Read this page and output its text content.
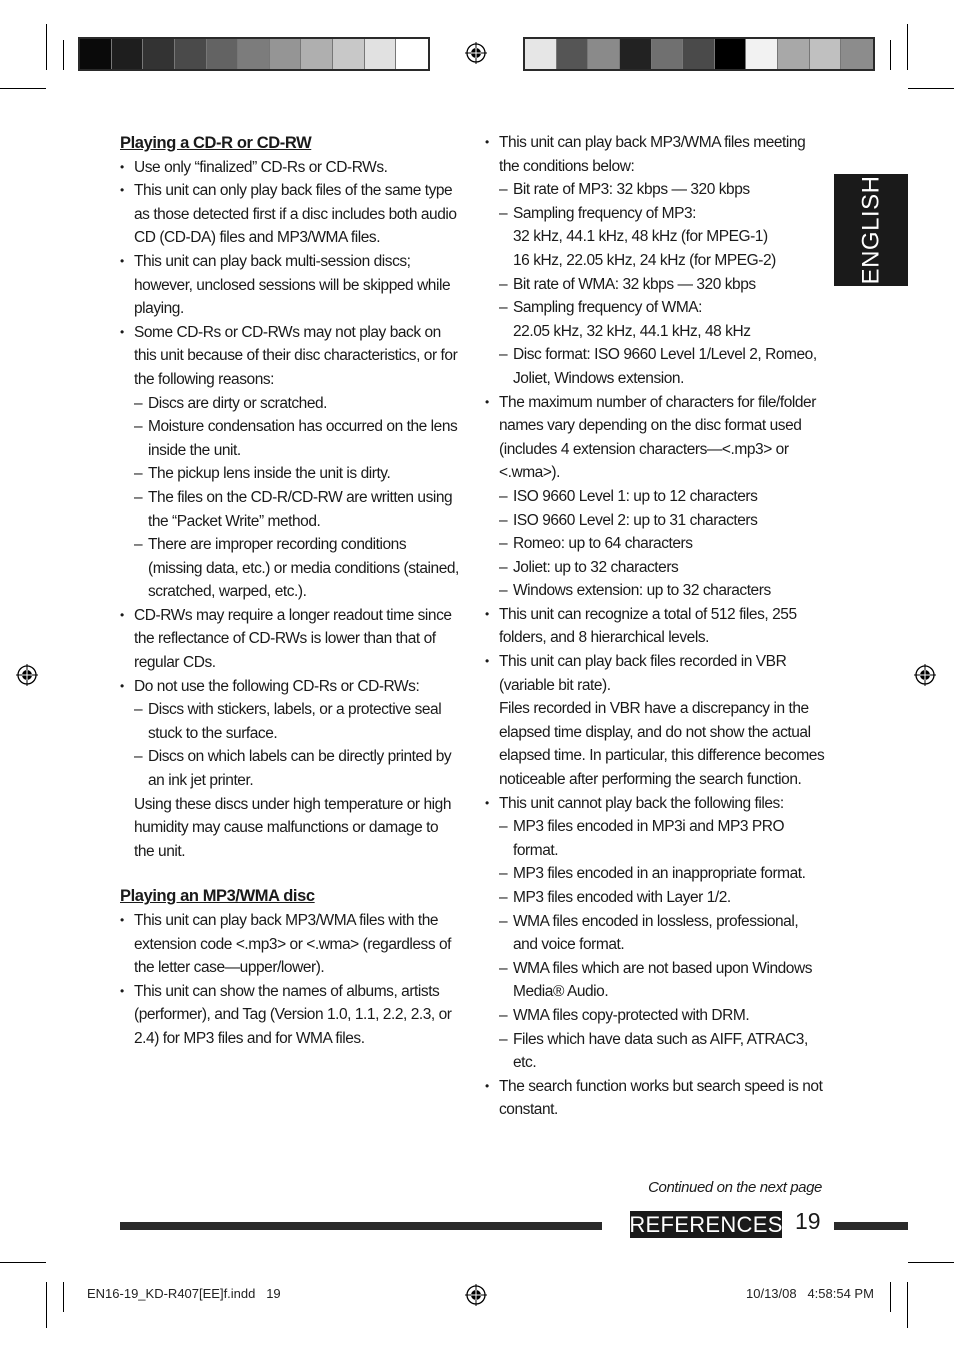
ENGLISH

Playing a CD-R or CD-RW

• Use only “finalized” CD-Rs or CD-RWs.

• This unit can only play back files of the same type as those detected first if a disc includes both audio CD (CD-DA) files and MP3/WMA files.

• This unit can play back multi-session discs; however, unclosed sessions will be skipped while playing.

• Some CD-Rs or CD-RWs may not play back on this unit because of their disc characteristics, or for the following reasons:

– Discs are dirty or scratched.

– Moisture condensation has occurred on the lens inside the unit.

– The pickup lens inside the unit is dirty.

– The files on the CD-R/CD-RW are written using the “Packet Write” method.

– There are improper recording conditions (missing data, etc.) or media conditions (stained, scratched, warped, etc.).

• CD-RWs may require a longer readout time since the reflectance of CD-RWs is lower than that of regular CDs.

• Do not use the following CD-Rs or CD-RWs:

– Discs with stickers, labels, or a protective seal stuck to the surface.

– Discs on which labels can be directly printed by an ink jet printer.

Using these discs under high temperature or high humidity may cause malfunctions or damage to the unit.

Playing an MP3/WMA disc

• This unit can play back MP3/WMA files with the extension code <.mp3> or <.wma> (regardless of the letter case—upper/lower).

• This unit can show the names of albums, artists (performer), and Tag (Version 1.0, 1.1, 2.2, 2.3, or 2.4) for MP3 files and for WMA files.

• This unit can play back MP3/WMA files meeting the conditions below:

– Bit rate of MP3: 32 kbps — 320 kbps

– Sampling frequency of MP3:

32 kHz, 44.1 kHz, 48 kHz (for MPEG-1)

16 kHz, 22.05 kHz, 24 kHz (for MPEG-2)

– Bit rate of WMA: 32 kbps — 320 kbps

– Sampling frequency of WMA:

22.05 kHz, 32 kHz, 44.1 kHz, 48 kHz

– Disc format: ISO 9660 Level 1/Level 2, Romeo, Joliet, Windows extension.

• The maximum number of characters for file/folder names vary depending on the disc format used (includes 4 extension characters—<.mp3> or <.wma>).

– ISO 9660 Level 1: up to 12 characters

– ISO 9660 Level 2: up to 31 characters

– Romeo: up to 64 characters

– Joliet: up to 32 characters

– Windows extension: up to 32 characters

• This unit can recognize a total of 512 files, 255 folders, and 8 hierarchical levels.

• This unit can play back files recorded in VBR (variable bit rate).

Files recorded in VBR have a discrepancy in the elapsed time display, and do not show the actual elapsed time. In particular, this difference becomes noticeable after performing the search function.

• This unit cannot play back the following files:

– MP3 files encoded in MP3i and MP3 PRO format.

– MP3 files encoded in an inappropriate format.

– MP3 files encoded with Layer 1/2.

– WMA files encoded in lossless, professional, and voice format.

– WMA files which are not based upon Windows Media® Audio.

– WMA files copy-protected with DRM.

– Files which have data such as AIFF, ATRAC3, etc.

• The search function works but search speed is not constant.

Continued on the next page
REFERENCES 19
EN16-19_KD-R407[EE]f.indd   19	10/13/08   4:58:54 PM
